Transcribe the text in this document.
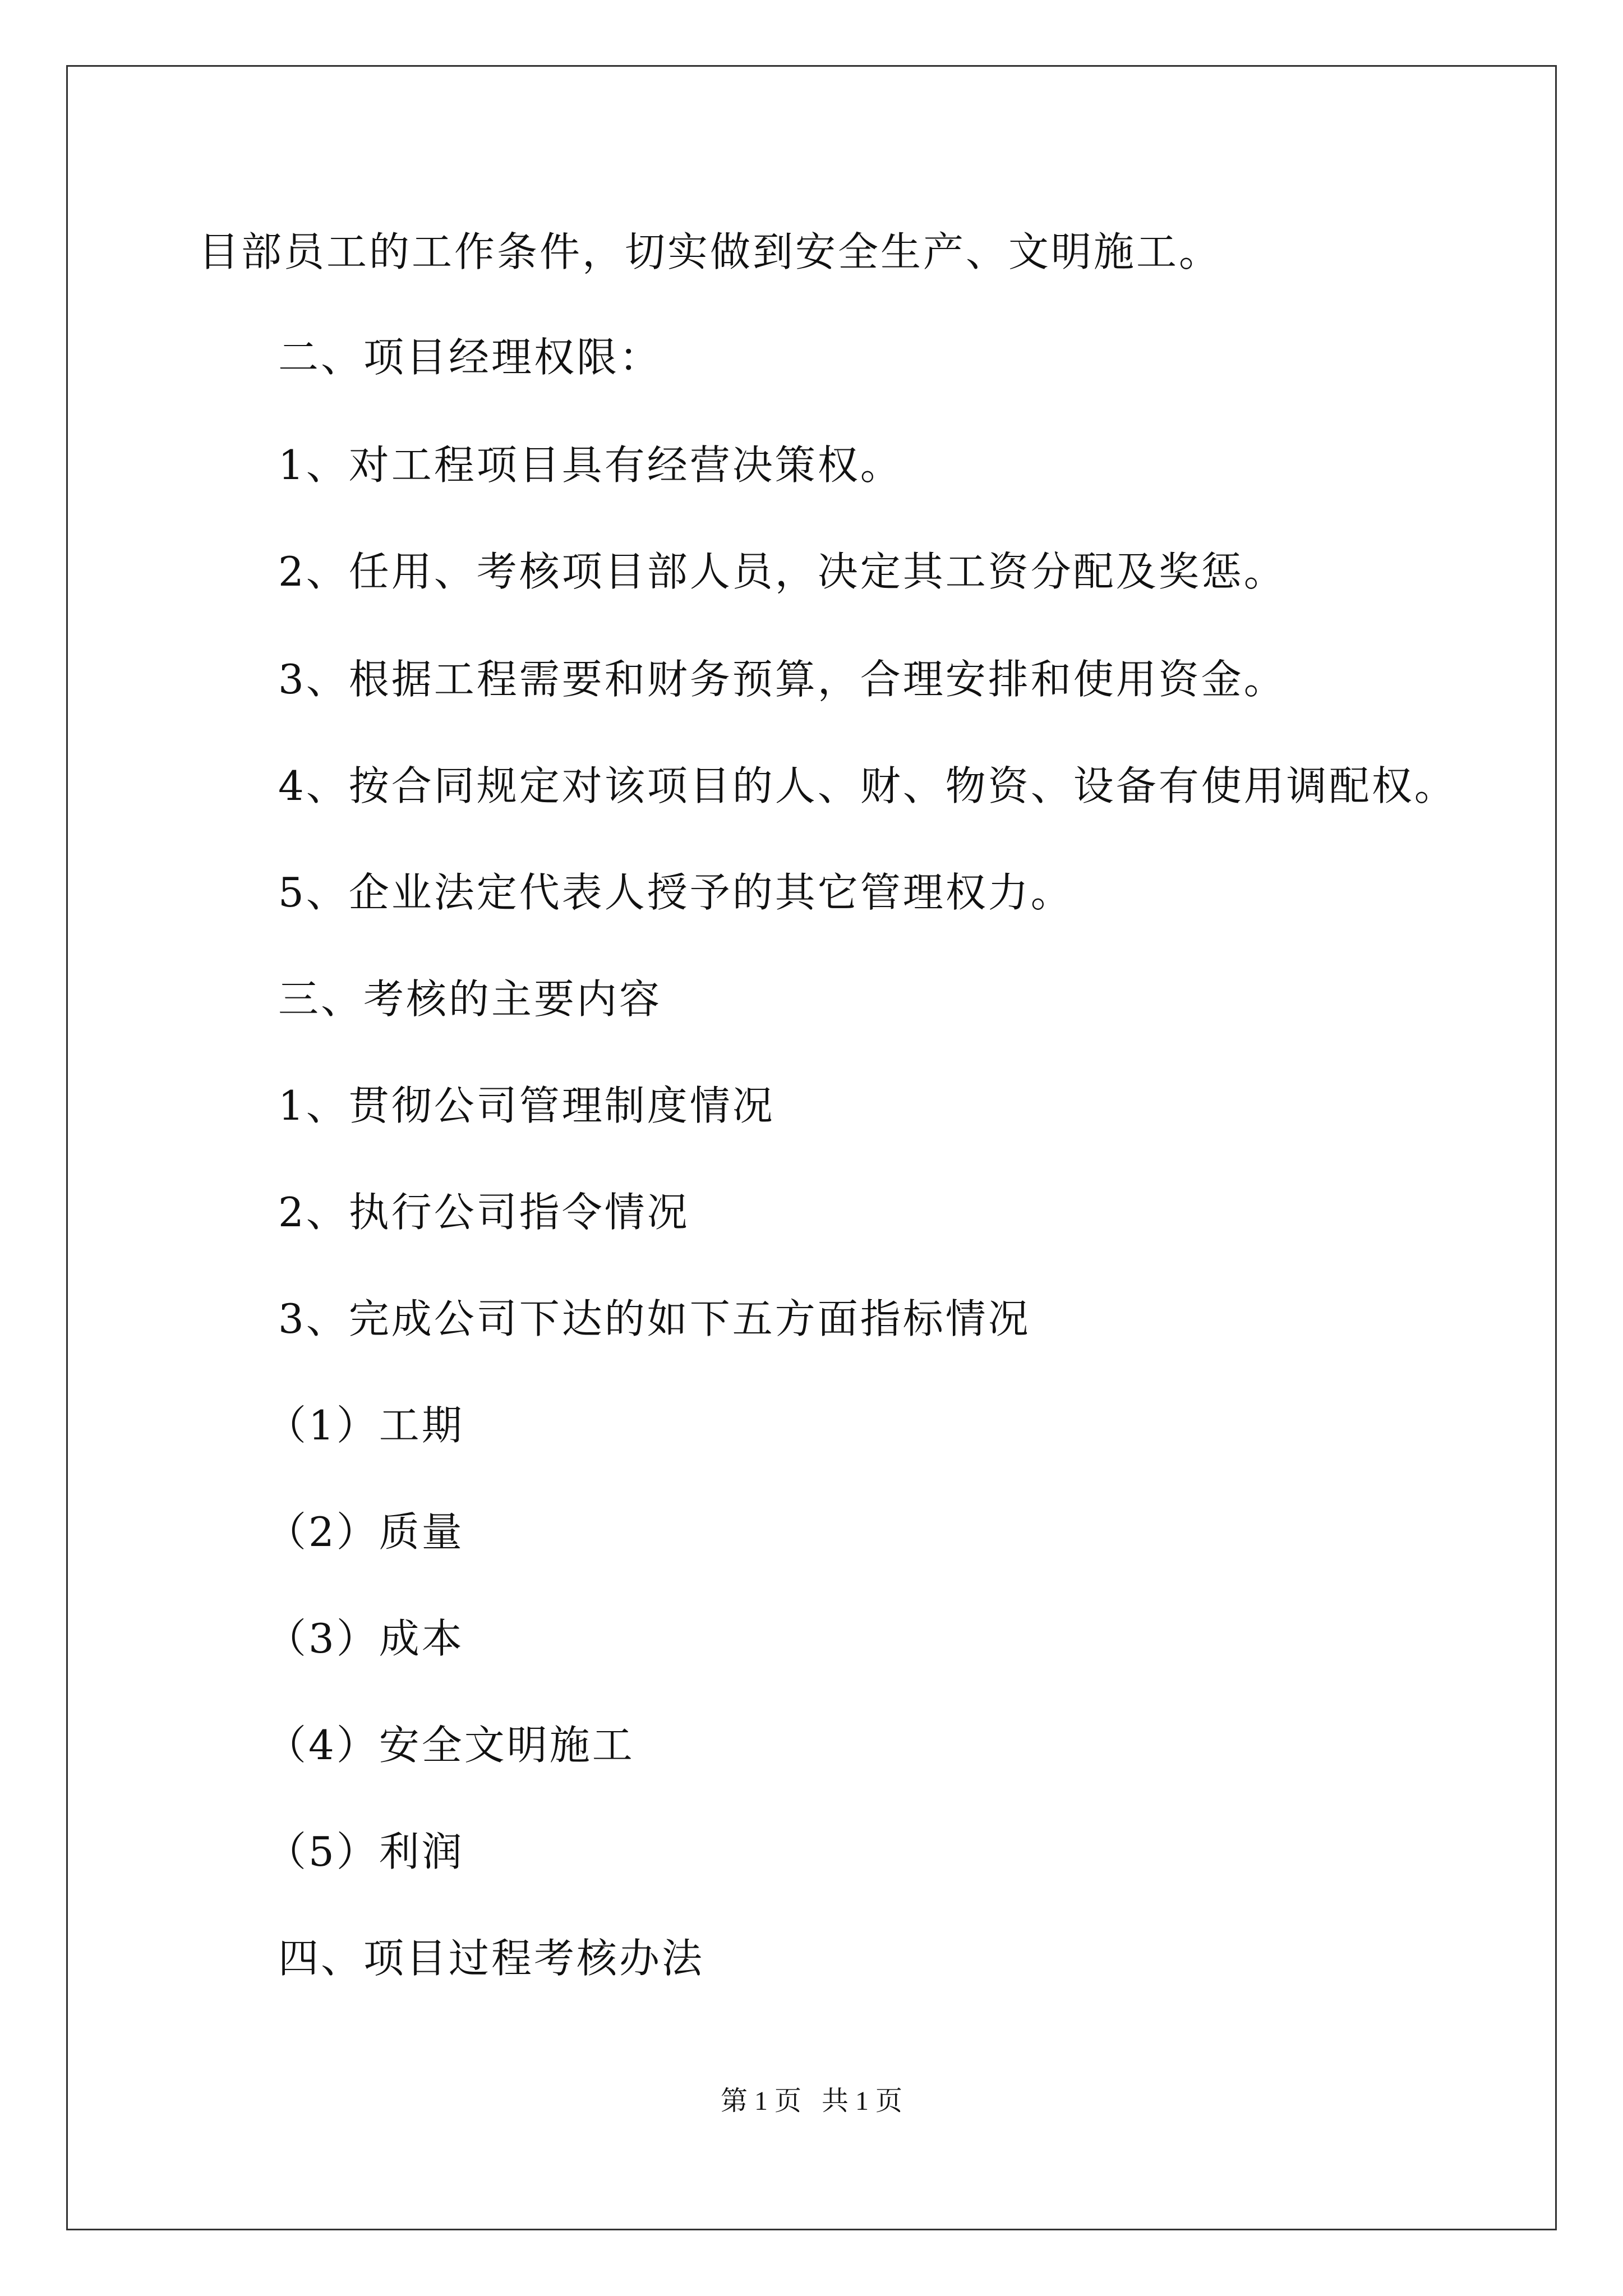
目部员工的工作条件，切实做到安全生产、文明施工。
二、项目经理权限：
1、对工程项目具有经营决策权。
2、任用、考核项目部人员，决定其工资分配及奖惩。
3、根据工程需要和财务预算，合理安排和使用资金。
4、按合同规定对该项目的人、财、物资、设备有使用调配权。
5、企业法定代表人授予的其它管理权力。
三、考核的主要内容
1、贯彻公司管理制度情况
2、执行公司指令情况
3、完成公司下达的如下五方面指标情况
（1）工期
（2）质量
（3）成本
（4）安全文明施工
（5）利润
四、项目过程考核办法
第 1 页   共 1 页
